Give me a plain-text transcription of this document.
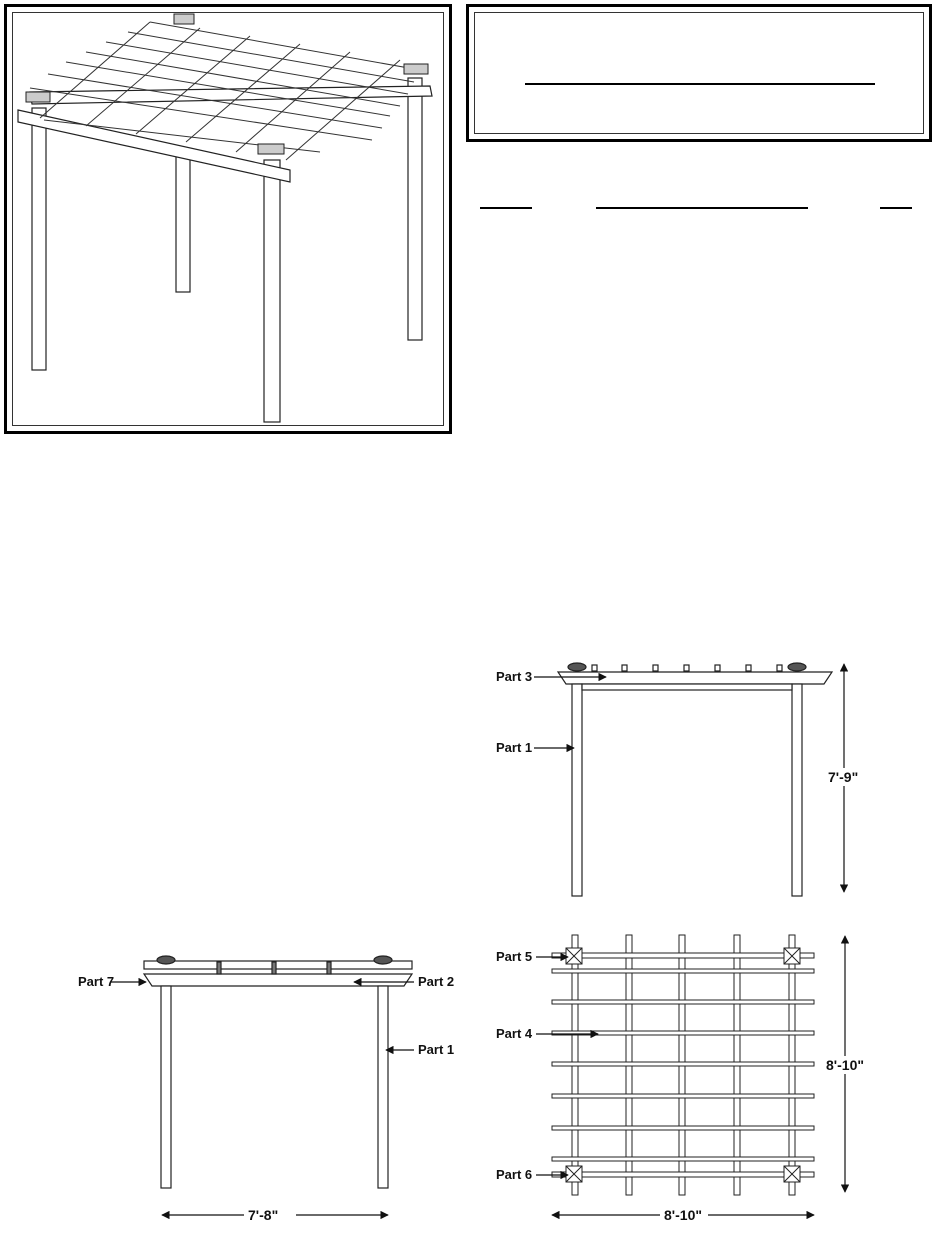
Part 3
Part 1
7'-9"
Part 7	Part 2
Part 1
7'-8"
Part 5
Part 4
Part 6
8'-10"
8'-10"
